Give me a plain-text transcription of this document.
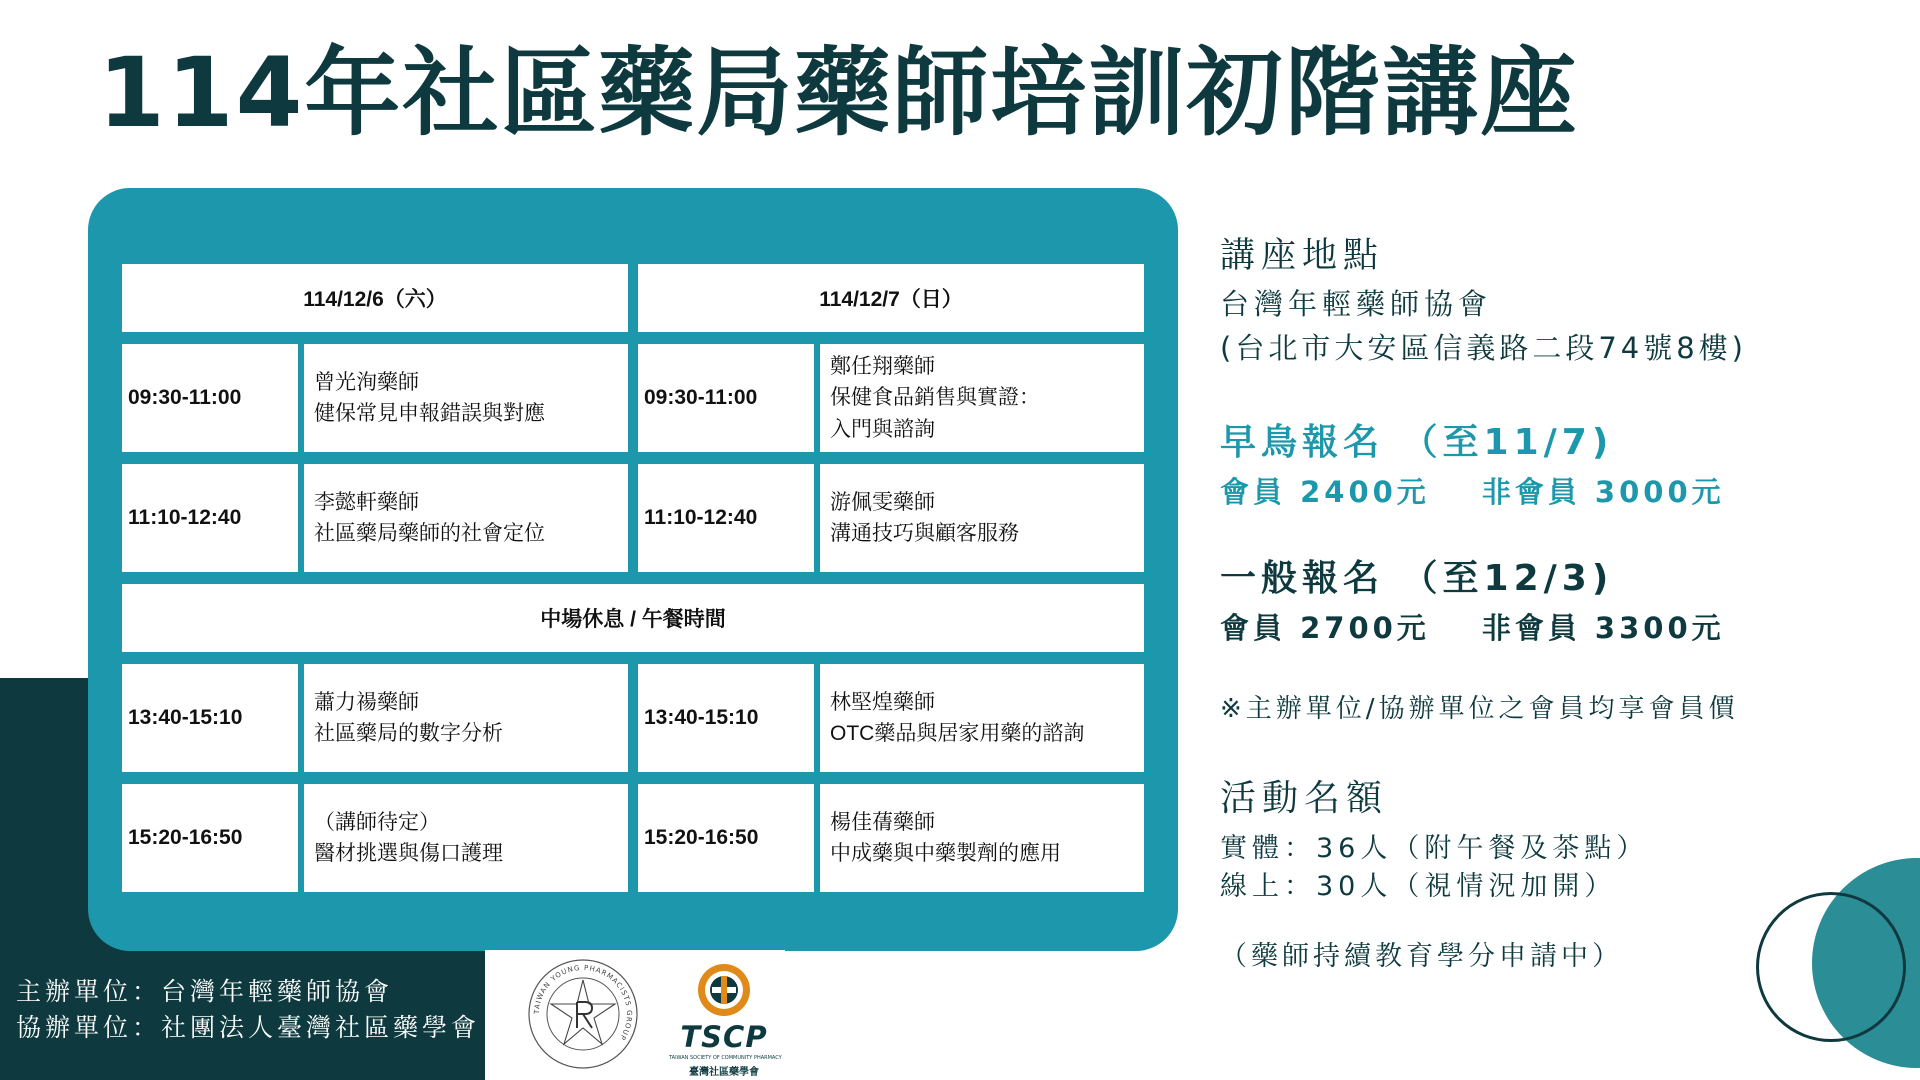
114年社區藥局藥師培訓初階講座
114/12/6（六）	114/12/7（日）
09:30-11:00
曾光洵藥師
健保常見申報錯誤與對應
09:30-11:00
鄭任翔藥師
保健食品銷售與實證：
入門與諮詢
11:10-12:40
李懿軒藥師
社區藥局藥師的社會定位
11:10-12:40
游佩雯藥師
溝通技巧與顧客服務
中場休息 / 午餐時間
13:40-15:10
蕭力禓藥師
社區藥局的數字分析
13:40-15:10
林堅煌藥師
OTC藥品與居家用藥的諮詢
15:20-16:50
（講師待定）
醫材挑選與傷口護理
15:20-16:50
楊佳蒨藥師
中成藥與中藥製劑的應用
講座地點
台灣年輕藥師協會
(台北市大安區信義路二段74號8樓)
早鳥報名 （至11/7)
會員 2400元 非會員 3000元
一般報名 （至12/3)
會員 2700元 非會員 3300元
※主辦單位/協辦單位之會員均享會員價
活動名額
實體：36人（附午餐及茶點）
線上：30人（視情況加開）
（藥師持續教育學分申請中）
主辦單位：台灣年輕藥師協會
協辦單位：社團法人臺灣社區藥學會
TAIWAN YOUNG PHARMACISTS GROUP	TSCP
TAIWAN SOCIETY OF COMMUNITY PHARMACY
臺灣社區藥學會
